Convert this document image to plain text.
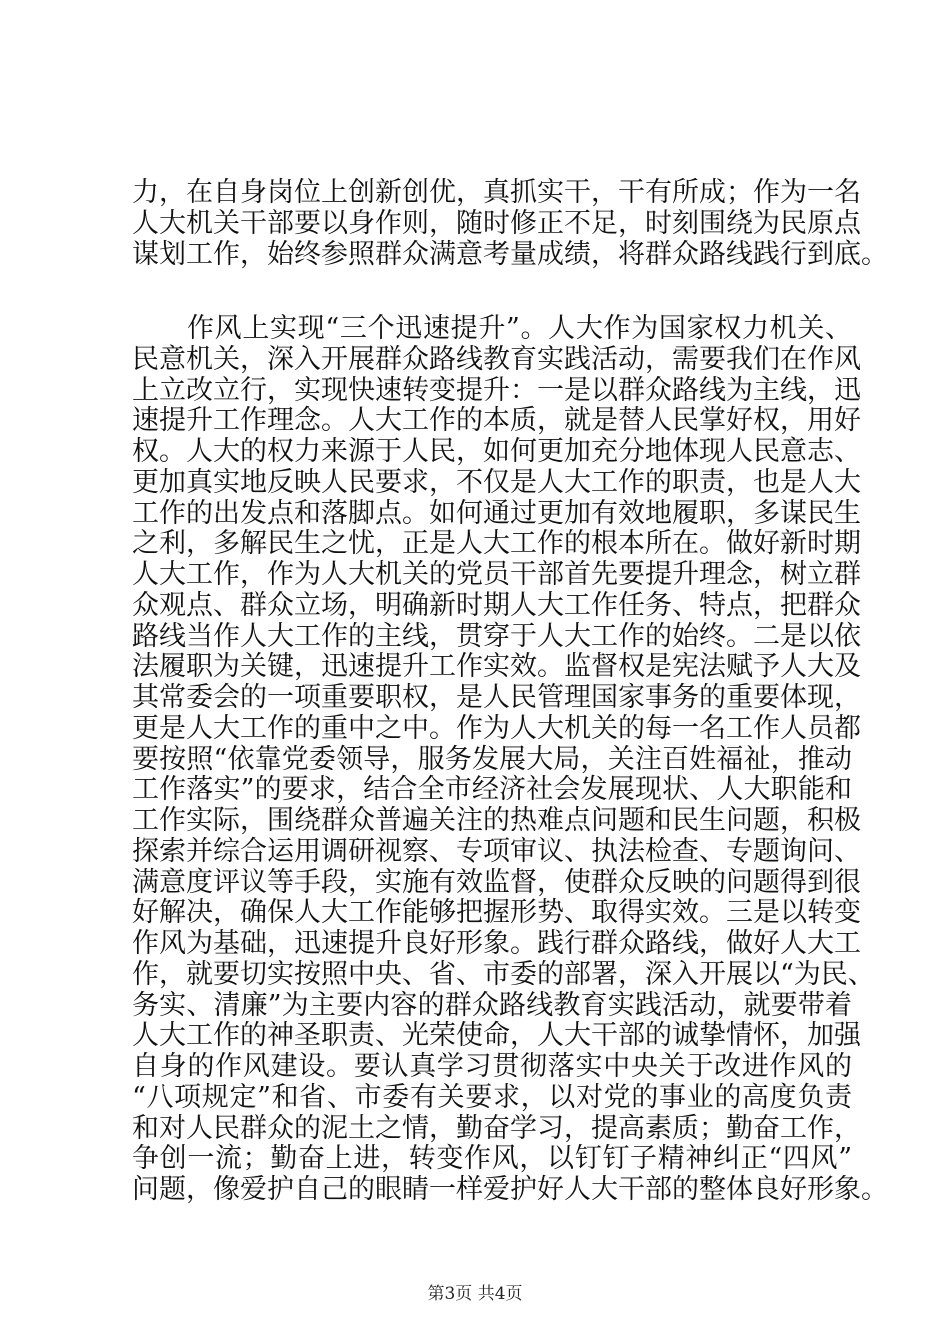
力，在自身岗位上创新创优，真抓实干，干有所成；作为一名

人大机关干部要以身作则，随时修正不足，时刻围绕为民原点

谋划工作，始终参照群众满意考量成绩，将群众路线践行到底。

作风上实现“三个迅速提升”。人大作为国家权力机关、

民意机关，深入开展群众路线教育实践活动，需要我们在作风

上立改立行，实现快速转变提升：一是以群众路线为主线，迅

速提升工作理念。人大工作的本质，就是替人民掌好权，用好

权。人大的权力来源于人民，如何更加充分地体现人民意志、

更加真实地反映人民要求，不仅是人大工作的职责，也是人大

工作的出发点和落脚点。如何通过更加有效地履职，多谋民生

之利，多解民生之忧，正是人大工作的根本所在。做好新时期

人大工作，作为人大机关的党员干部首先要提升理念，树立群

众观点、群众立场，明确新时期人大工作任务、特点，把群众

路线当作人大工作的主线，贯穿于人大工作的始终。二是以依

法履职为关键，迅速提升工作实效。监督权是宪法赋予人大及

其常委会的一项重要职权，是人民管理国家事务的重要体现，

更是人大工作的重中之中。作为人大机关的每一名工作人员都

要按照“依靠党委领导，服务发展大局，关注百姓福祉，推动

工作落实”的要求，结合全市经济社会发展现状、人大职能和

工作实际，围绕群众普遍关注的热难点问题和民生问题，积极

探索并综合运用调研视察、专项审议、执法检查、专题询问、

满意度评议等手段，实施有效监督，使群众反映的问题得到很

好解决，确保人大工作能够把握形势、取得实效。三是以转变

作风为基础，迅速提升良好形象。践行群众路线，做好人大工

作，就要切实按照中央、省、市委的部署，深入开展以“为民、

务实、清廉”为主要内容的群众路线教育实践活动，就要带着

人大工作的神圣职责、光荣使命，人大干部的诚挚情怀，加强

自身的作风建设。要认真学习贯彻落实中央关于改进作风的

“八项规定”和省、市委有关要求，以对党的事业的高度负责

和对人民群众的泥土之情，勤奋学习，提高素质；勤奋工作，

争创一流；勤奋上进，转变作风，以钉钉子精神纠正“四风”

问题，像爱护自己的眼睛一样爱护好人大干部的整体良好形象。

第3页 共4页
